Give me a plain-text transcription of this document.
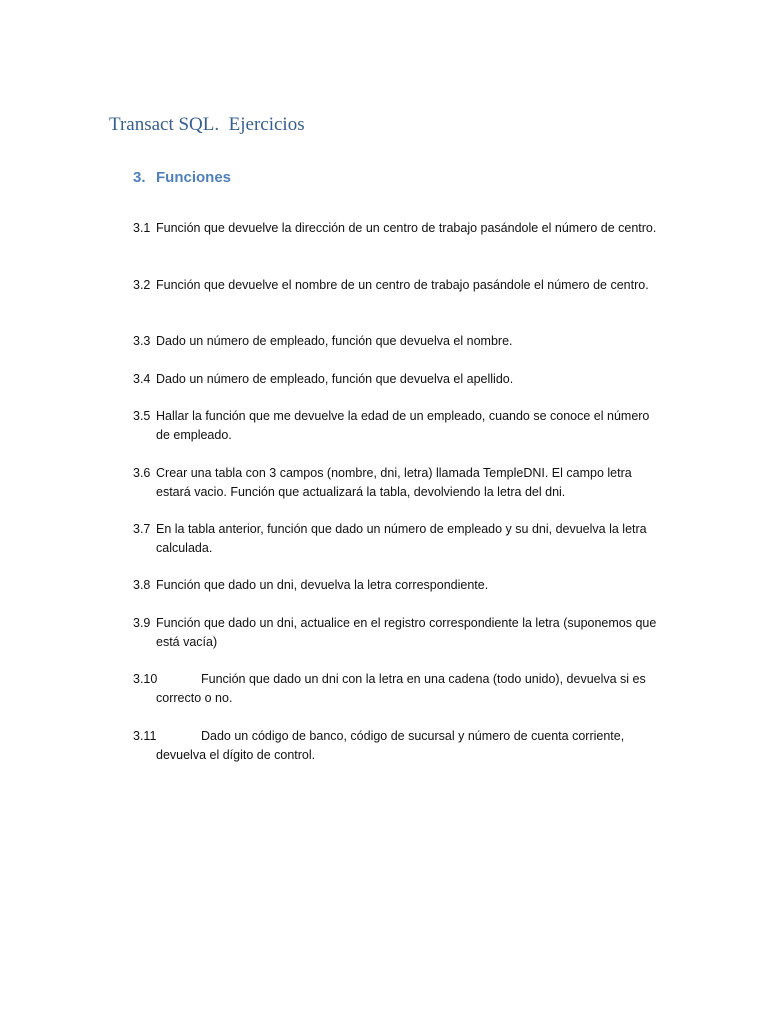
Transact SQL.  Ejercicios
3. Funciones
3.1 Función que devuelve la dirección de un centro de trabajo pasándole el número de centro.
3.2 Función que devuelve el nombre de un centro de trabajo pasándole el número de centro.
3.3 Dado un número de empleado, función que devuelva el nombre.
3.4 Dado un número de empleado, función que devuelva el apellido.
3.5 Hallar la función que me devuelve la edad de un empleado, cuando se conoce el número de empleado.
3.6 Crear una tabla con 3 campos (nombre, dni, letra) llamada TempleDNI. El campo letra estará vacio. Función que actualizará la tabla, devolviendo la letra del dni.
3.7 En la tabla anterior, función que dado un número de empleado y su dni, devuelva la letra calculada.
3.8 Función que dado un dni, devuelva la letra correspondiente.
3.9 Función que dado un dni, actualice en el registro correspondiente la letra (suponemos que está vacía)
3.10	Función que dado un dni con la letra en una cadena (todo unido), devuelva si es correcto o no.
3.11	Dado un código de banco, código de sucursal y número de cuenta corriente, devuelva el dígito de control.
